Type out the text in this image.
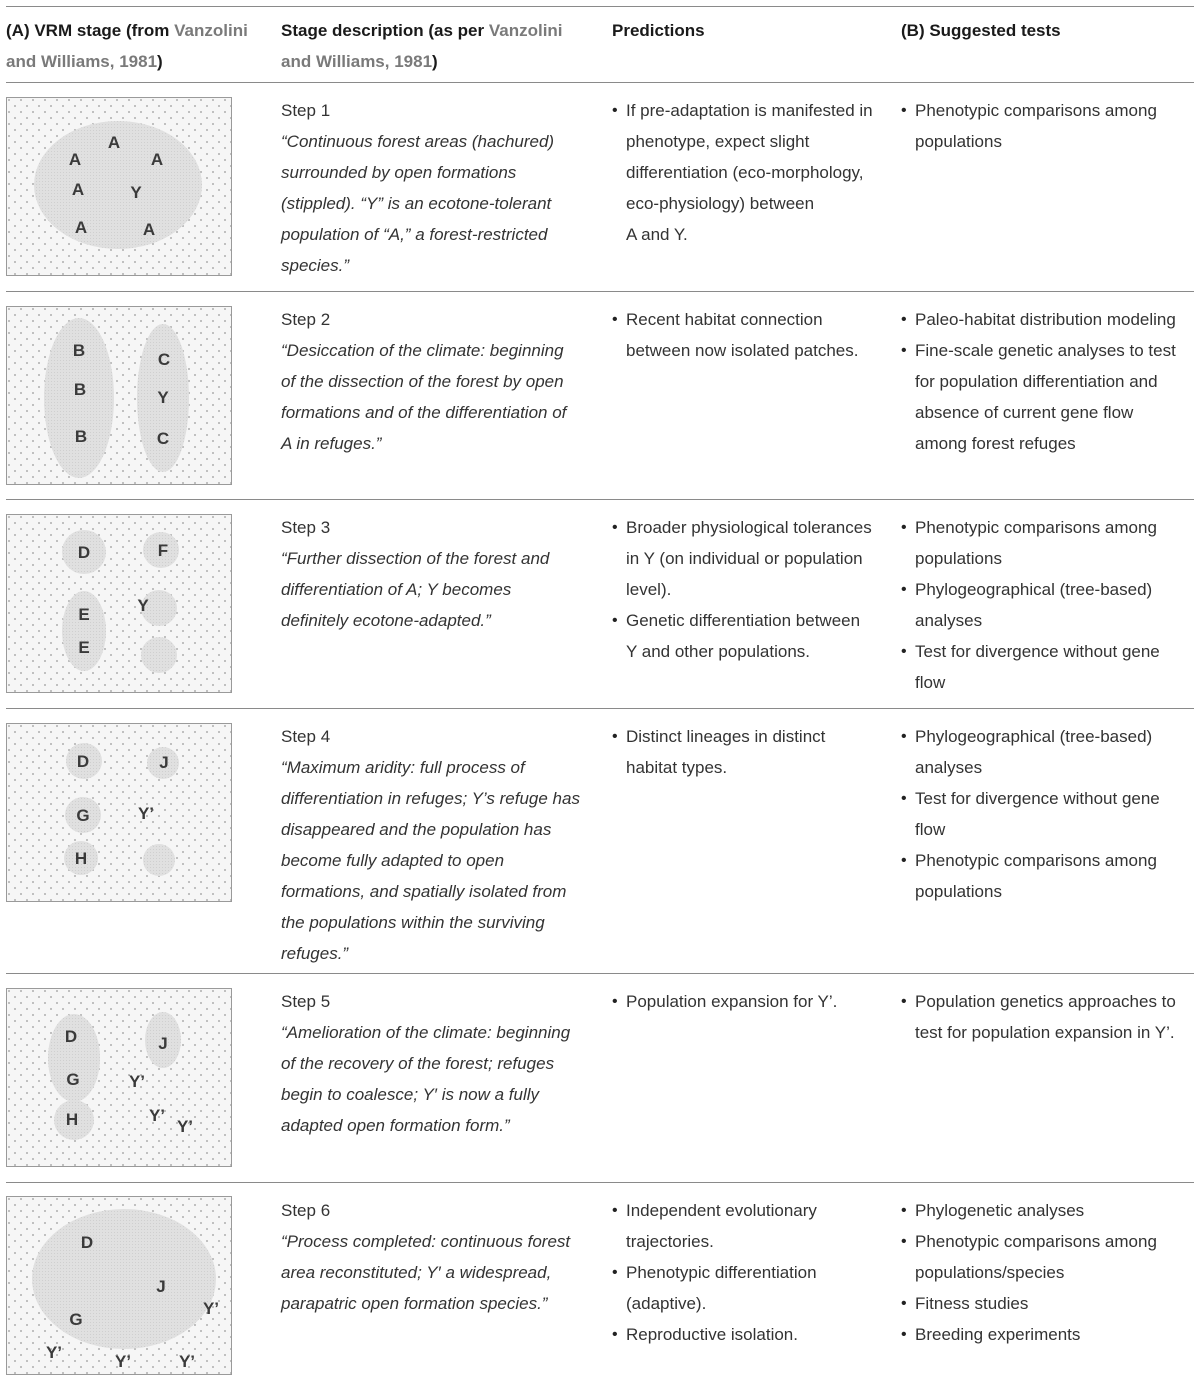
(A) VRM stage (from Vanzolini
and Williams, 1981)
Stage description (as per Vanzolini
and Williams, 1981)
Predictions	(B) Suggested tests
A
A	A
A	Y
A	A
Step 1
“Continuous forest areas (hachured)
surrounded by open formations
(stippled). “Y” is an ecotone-tolerant
population of “A,” a forest-restricted
species.”
• If pre-adaptation is manifested in
phenotype, expect slight
differentiation (eco-morphology,
eco-physiology) between
A and Y.
• Phenotypic comparisons among
populations
B
B
B
C
Y
C
Step 2
“Desiccation of the climate: beginning
of the dissection of the forest by open
formations and of the differentiation of
A in refuges.”
• Recent habitat connection
between now isolated patches.
• Paleo-habitat distribution modeling
• Fine-scale genetic analyses to test
for population differentiation and
absence of current gene flow
among forest refuges
D	F
Y
E
E
Step 3
“Further dissection of the forest and
differentiation of A; Y becomes
definitely ecotone-adapted.”
• Broader physiological tolerances
in Y (on individual or population
level).
• Genetic differentiation between
Y and other populations.
• Phenotypic comparisons among
populations
• Phylogeographical (tree-based)
analyses
• Test for divergence without gene
flow
D	J
G	Y’
H
Step 4
“Maximum aridity: full process of
differentiation in refuges; Y’s refuge has
disappeared and the population has
become fully adapted to open
formations, and spatially isolated from
the populations within the surviving
refuges.”
• Distinct lineages in distinct
habitat types.
• Phylogeographical (tree-based)
analyses
• Test for divergence without gene
flow
• Phenotypic comparisons among
populations
D	J
G	Y’
H	Y’
Y’
Step 5
“Amelioration of the climate: beginning
of the recovery of the forest; refuges
begin to coalesce; Y′ is now a fully
adapted open formation form.”
• Population expansion for Y’.
•	Population genetics approaches to
test for population expansion in Y’.
D
J
Y’
G
Y’	Y’	Y’
Step 6
“Process completed: continuous forest
area reconstituted; Y′ a widespread,
parapatric open formation species.”
• Independent evolutionary
trajectories.
• Phenotypic differentiation
(adaptive).
• Reproductive isolation.
• Phylogenetic analyses
• Phenotypic comparisons among
populations/species
• Fitness studies
• Breeding experiments
